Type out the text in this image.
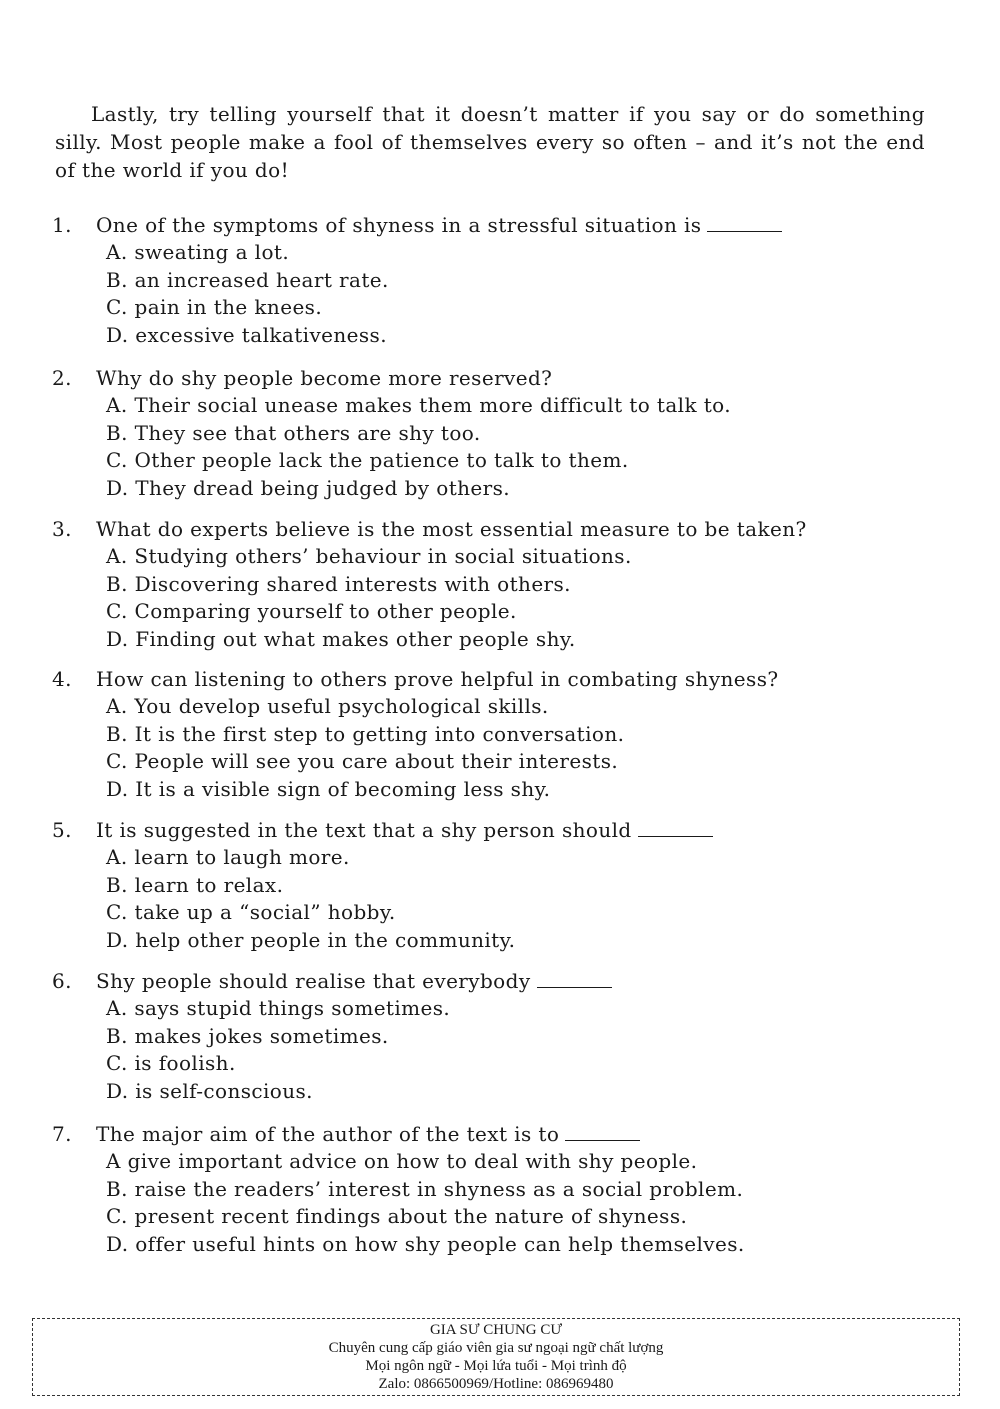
Lastly, try telling yourself that it doesn’t matter if you say or do something silly. Most people make a fool of themselves every so often – and it’s not the end of the world if you do!

1. One of the symptoms of shyness in a stressful situation is
A. sweating a lot.
B. an increased heart rate.
C. pain in the knees.
D. excessive talkativeness.
2. Why do shy people become more reserved?
A. Their social unease makes them more difficult to talk to.
B. They see that others are shy too.
C. Other people lack the patience to talk to them.
D. They dread being judged by others.
3. What do experts believe is the most essential measure to be taken?
A. Studying others’ behaviour in social situations.
B. Discovering shared interests with others.
C. Comparing yourself to other people.
D. Finding out what makes other people shy.
4. How can listening to others prove helpful in combating shyness?
A. You develop useful psychological skills.
B. It is the first step to getting into conversation.
C. People will see you care about their interests.
D. It is a visible sign of becoming less shy.
5. It is suggested in the text that a shy person should
A. learn to laugh more.
B. learn to relax.
C. take up a “social” hobby.
D. help other people in the community.
6. Shy people should realise that everybody
A. says stupid things sometimes.
B. makes jokes sometimes.
C. is foolish.
D. is self-conscious.
7. The major aim of the author of the text is to
A give important advice on how to deal with shy people.
B. raise the readers’ interest in shyness as a social problem.
C. present recent findings about the nature of shyness.
D. offer useful hints on how shy people can help themselves.
GIA SƯ CHUNG CƯ
Chuyên cung cấp giáo viên gia sư ngoại ngữ chất lượng
Mọi ngôn ngữ - Mọi lứa tuổi - Mọi trình độ
Zalo: 0866500969/Hotline: 086969480
